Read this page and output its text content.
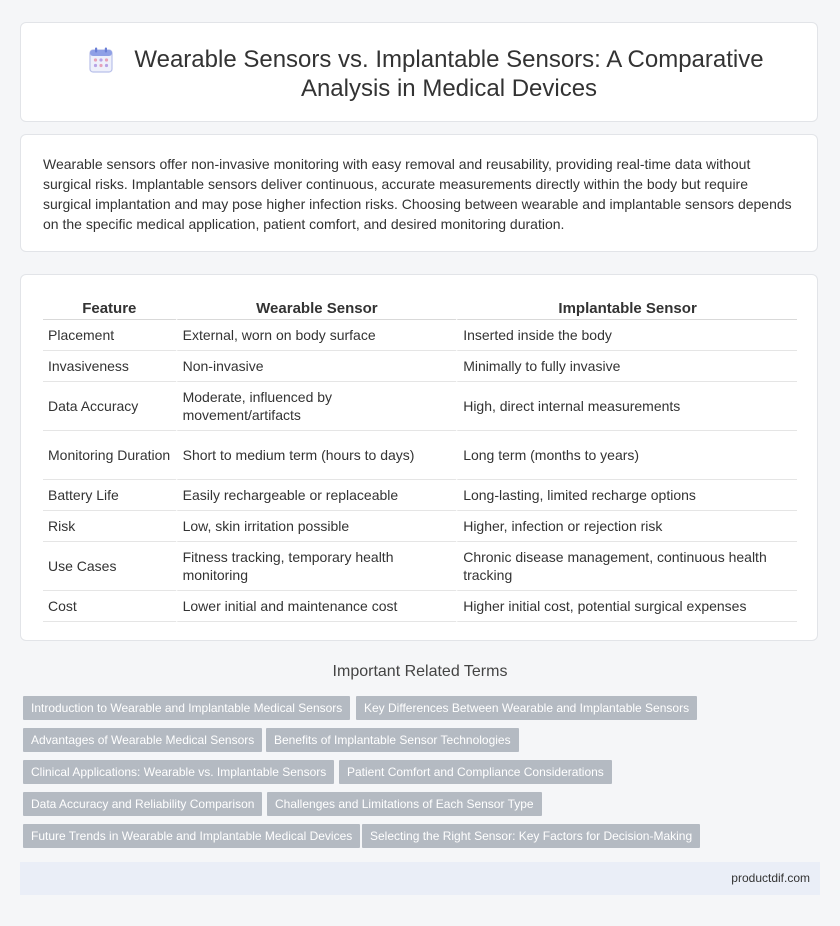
Wearable Sensors vs. Implantable Sensors: A Comparative Analysis in Medical Devices

Wearable sensors offer non-invasive monitoring with easy removal and reusability, providing real-time data without surgical risks. Implantable sensors deliver continuous, accurate measurements directly within the body but require surgical implantation and may pose higher infection risks. Choosing between wearable and implantable sensors depends on the specific medical application, patient comfort, and desired monitoring duration.

Feature	Wearable Sensor	Implantable Sensor
Placement	External, worn on body surface	Inserted inside the body
Invasiveness	Non-invasive	Minimally to fully invasive
Data Accuracy	Moderate, influenced by movement/artifacts	High, direct internal measurements
Monitoring Duration	Short to medium term (hours to days)	Long term (months to years)
Battery Life	Easily rechargeable or replaceable	Long-lasting, limited recharge options
Risk	Low, skin irritation possible	Higher, infection or rejection risk
Use Cases	Fitness tracking, temporary health monitoring	Chronic disease management, continuous health tracking
Cost	Lower initial and maintenance cost	Higher initial cost, potential surgical expenses
Important Related Terms
Introduction to Wearable and Implantable Medical Sensors	Key Differences Between Wearable and Implantable Sensors
Advantages of Wearable Medical Sensors	Benefits of Implantable Sensor Technologies
Clinical Applications: Wearable vs. Implantable Sensors	Patient Comfort and Compliance Considerations
Data Accuracy and Reliability Comparison	Challenges and Limitations of Each Sensor Type
Future Trends in Wearable and Implantable Medical Devices	Selecting the Right Sensor: Key Factors for Decision-Making
productdif.com
